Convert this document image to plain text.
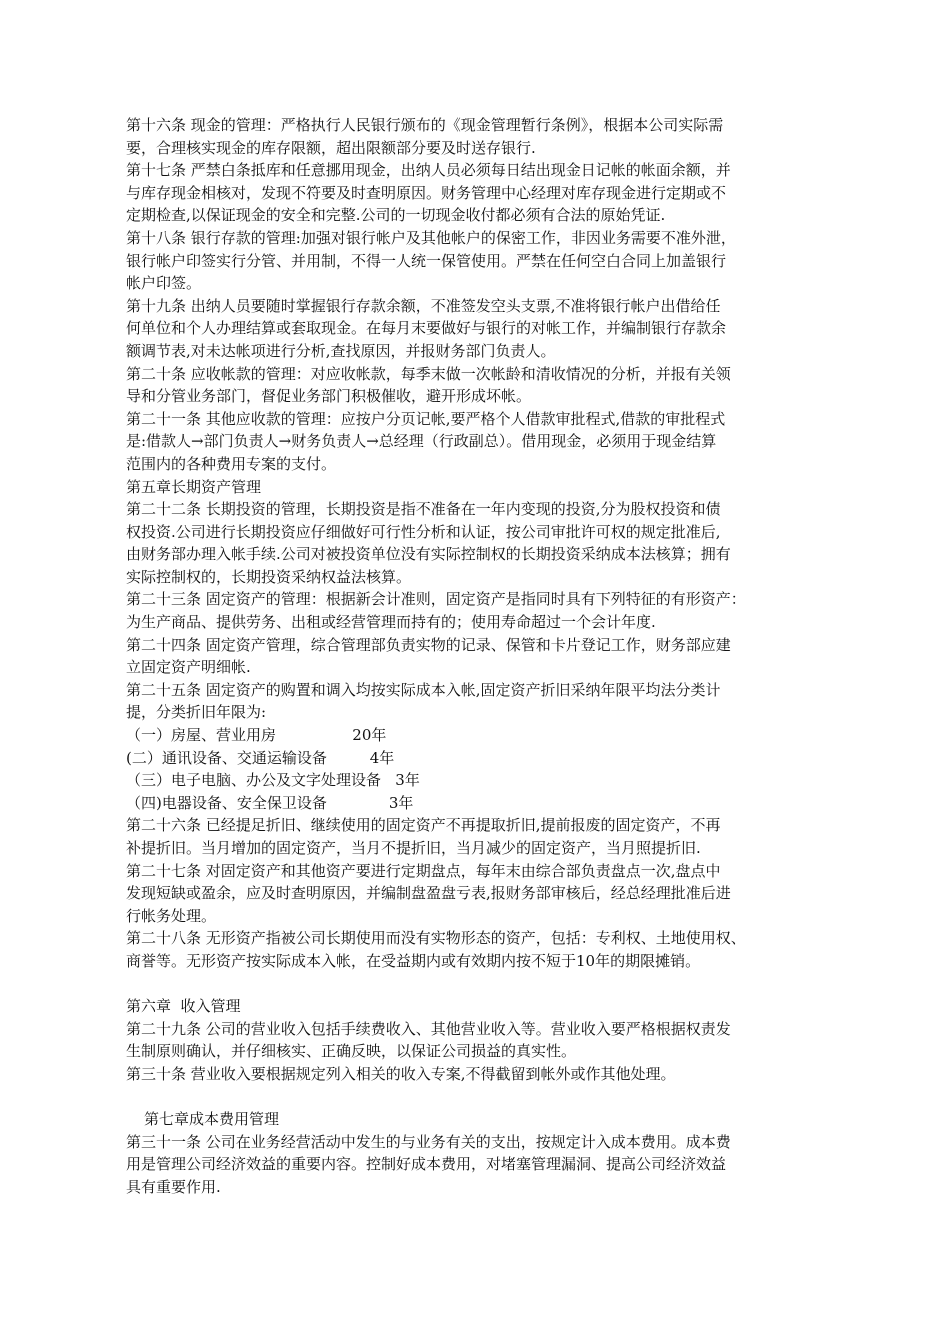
第十六条 现金的管理：严格执行人民银行颁布的《现金管理暂行条例》，根据本公司实际需
要，合理核实现金的库存限额，超出限额部分要及时送存银行.
第十七条 严禁白条抵库和任意挪用现金，出纳人员必须每日结出现金日记帐的帐面余额，并
与库存现金相核对，发现不符要及时查明原因。财务管理中心经理对库存现金进行定期或不
定期检查,以保证现金的安全和完整.公司的一切现金收付都必须有合法的原始凭证.
第十八条 银行存款的管理:加强对银行帐户及其他帐户的保密工作，非因业务需要不准外泄，
银行帐户印签实行分管、并用制，不得一人统一保管使用。严禁在任何空白合同上加盖银行
帐户印签。
第十九条 出纳人员要随时掌握银行存款余额，不准签发空头支票,不准将银行帐户出借给任
何单位和个人办理结算或套取现金。在每月末要做好与银行的对帐工作，并编制银行存款余
额调节表,对未达帐项进行分析,查找原因，并报财务部门负责人。
第二十条 应收帐款的管理：对应收帐款，每季末做一次帐龄和清收情况的分析，并报有关领
导和分管业务部门，督促业务部门积极催收，避开形成坏帐。
第二十一条 其他应收款的管理：应按户分页记帐,要严格个人借款审批程式,借款的审批程式
是:借款人→部门负责人→财务负责人→总经理（行政副总）。借用现金，必须用于现金结算
范围内的各种费用专案的支付。
第五章长期资产管理
第二十二条 长期投资的管理，长期投资是指不准备在一年内变现的投资,分为股权投资和债
权投资.公司进行长期投资应仔细做好可行性分析和认证，按公司审批许可权的规定批准后,
由财务部办理入帐手续.公司对被投资单位没有实际控制权的长期投资采纳成本法核算；拥有
实际控制权的，长期投资采纳权益法核算。
第二十三条 固定资产的管理：根据新会计准则，固定资产是指同时具有下列特征的有形资产：
为生产商品、提供劳务、出租或经营管理而持有的；使用寿命超过一个会计年度.
第二十四条 固定资产管理，综合管理部负责实物的记录、保管和卡片登记工作，财务部应建
立固定资产明细帐.
第二十五条 固定资产的购置和调入均按实际成本入帐,固定资产折旧采纳年限平均法分类计
提，分类折旧年限为:
（一）房屋、营业用房                20年
(二）通讯设备、交通运输设备         4年
（三）电子电脑、办公及文字处理设备   3年
（四)电器设备、安全保卫设备             3年
第二十六条 已经提足折旧、继续使用的固定资产不再提取折旧,提前报废的固定资产，不再
补提折旧。当月增加的固定资产，当月不提折旧，当月减少的固定资产，当月照提折旧.
第二十七条 对固定资产和其他资产要进行定期盘点，每年末由综合部负责盘点一次,盘点中
发现短缺或盈余，应及时查明原因，并编制盘盈盘亏表,报财务部审核后，经总经理批准后进
行帐务处理。
第二十八条 无形资产指被公司长期使用而没有实物形态的资产，包括：专利权、土地使用权、
商誉等。无形资产按实际成本入帐，在受益期内或有效期内按不短于10年的期限摊销。
第六章  收入管理
第二十九条 公司的营业收入包括手续费收入、其他营业收入等。营业收入要严格根据权责发
生制原则确认，并仔细核实、正确反映，以保证公司损益的真实性。
第三十条 营业收入要根据规定列入相关的收入专案,不得截留到帐外或作其他处理。
第七章成本费用管理
第三十一条 公司在业务经营活动中发生的与业务有关的支出，按规定计入成本费用。成本费
用是管理公司经济效益的重要内容。控制好成本费用，对堵塞管理漏洞、提高公司经济效益
具有重要作用.
